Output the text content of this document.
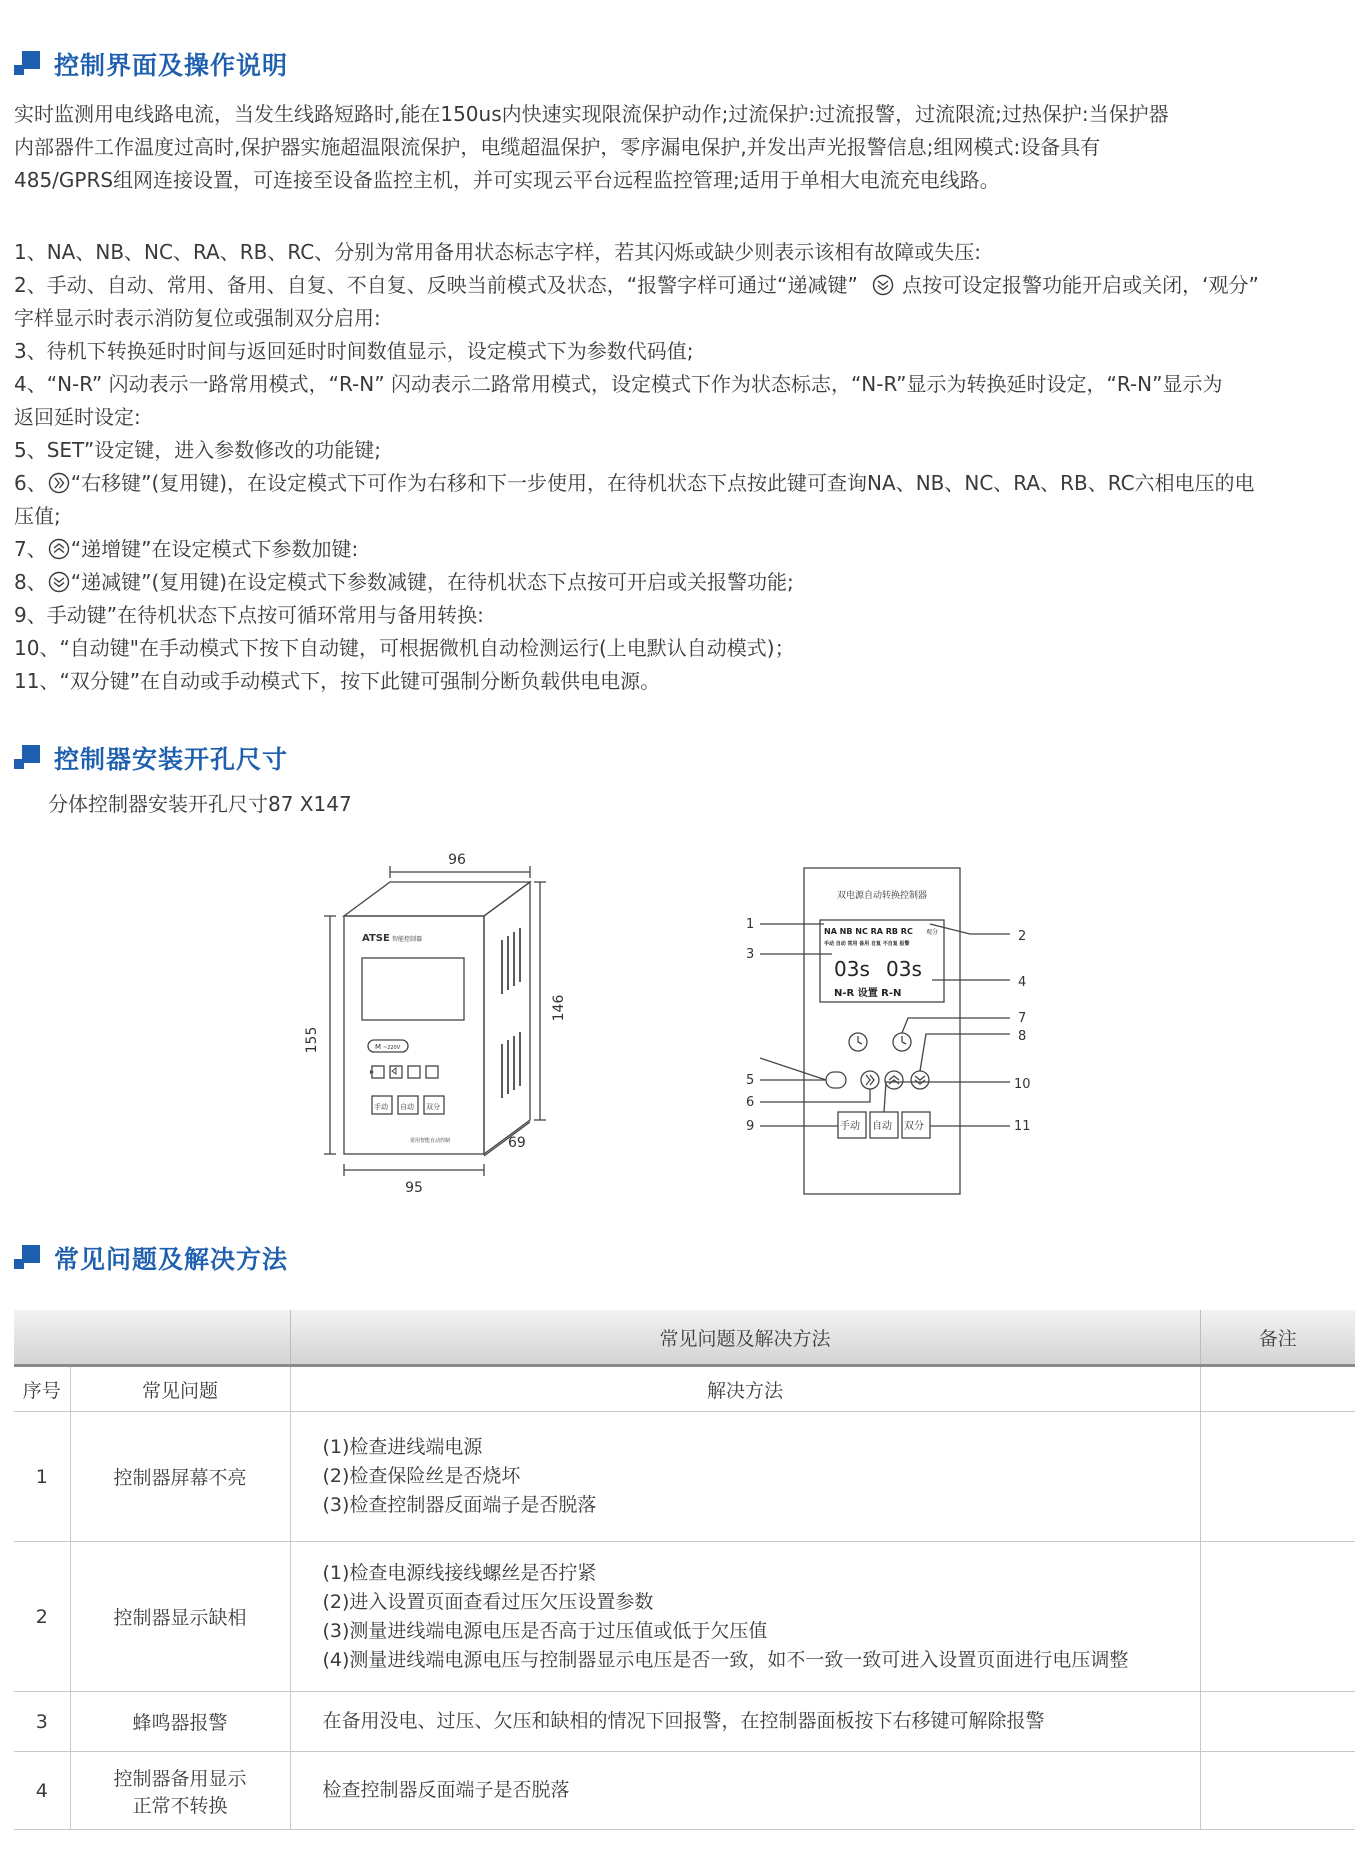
控制界面及操作说明
实时监测用电线路电流，当发生线路短路时,能在150us内快速实现限流保护动作;过流保护:过流报警，过流限流;过热保护:当保护器
内部器件工作温度过高时,保护器实施超温限流保护，电缆超温保护，零序漏电保护,并发出声光报警信息;组网模式:设备具有
485/GPRS组网连接设置，可连接至设备监控主机，并可实现云平台远程监控管理;适用于单相大电流充电线路。
1、NA、NB、NC、RA、RB、RC、分别为常用备用状态标志字样，若其闪烁或缺少则表示该相有故障或失压:
2、手动、自动、常用、备用、自复、不自复、反映当前模式及状态，“报警字样可通过“递减键” 点按可设定报警功能开启或关闭，‘观分”
字样显示时表示消防复位或强制双分启用:
3、待机下转换延时时间与返回延时时间数值显示，设定模式下为参数代码值;
4、“N-R” 闪动表示一路常用模式，“R-N” 闪动表示二路常用模式，设定模式下作为状态标志，“N-R”显示为转换延时设定，“R-N”显示为
返回延时设定:
5、SET”设定键，进入参数修改的功能键;
6、 “右移键”(复用键)，在设定模式下可作为右移和下一步使用，在待机状态下点按此键可查询NA、NB、NC、RA、RB、RC六相电压的电
压值;
7、 “递增键”在设定模式下参数加键:
8、 “递减键”(复用键)在设定模式下参数减键，在待机状态下点按可开启或关报警功能;
9、手动键”在待机状态下点按可循环常用与备用转换:
10、“自动键"在手动模式下按下自动键，可根据微机自动检测运行(上电默认自动模式)；
11、“双分键”在自动或手动模式下，按下此键可强制分断负载供电电源。
控制器安装开孔尺寸
分体控制器安装开孔尺寸87 X147
ATSE 智能控制器
M ~220V
手动 自动 双分
常用智能自动控制
96
146
155
69
95
双电源自动转换控制器
NA NB NC RA RB RC 观分
手动 自动 常用 备用 自复 不自复 报警
03s 03s
N-R 设置 R-N
手动 自动 双分
1
2
3
4
5
6
7
8
9
10
11
常见问题及解决方法
		常见问题及解决方法	备注
序号	常见问题	解决方法	
1	控制器屏幕不亮	(1)检查进线端电源
(2)检查保险丝是否烧坏
(3)检查控制器反面端子是否脱落	

2	控制器显示缺相	(1)检查电源线接线螺丝是否拧紧
(2)进入设置页面查看过压欠压设置参数
(3)测量进线端电源电压是否高于过压值或低于欠压值
(4)测量进线端电源电压与控制器显示电压是否一致，如不一致一致可进入设置页面进行电压调整	

3	蜂鸣器报警	在备用没电、过压、欠压和缺相的情况下回报警，在控制器面板按下右移键可解除报警	

4	控制器备用显示正常不转换	检查控制器反面端子是否脱落	
